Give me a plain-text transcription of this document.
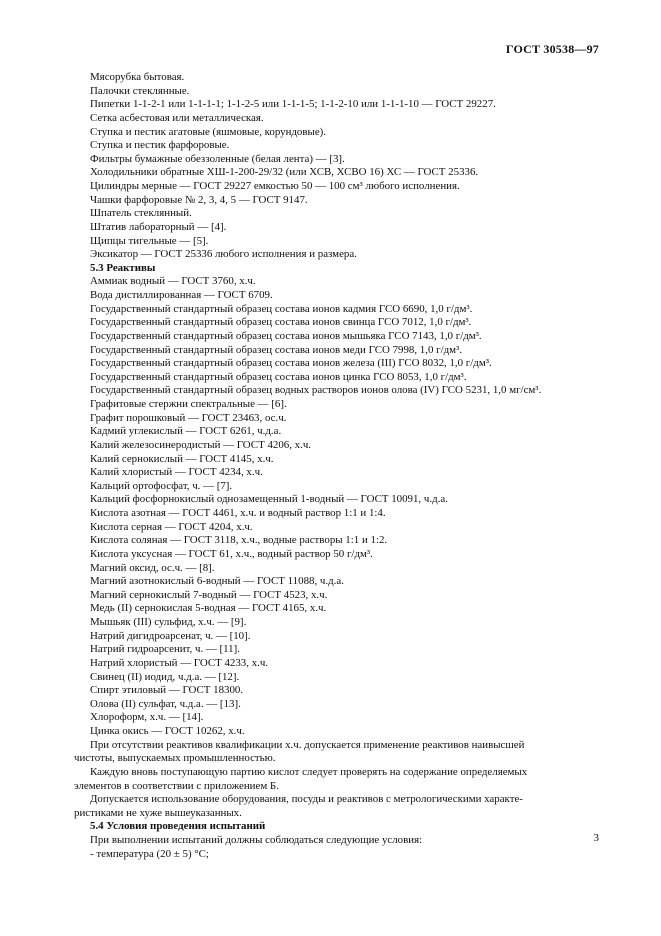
ГОСТ 30538—97
Мясорубка бытовая.
Палочки стеклянные.
Пипетки 1-1-2-1 или 1-1-1-1; 1-1-2-5 или 1-1-1-5; 1-1-2-10 или 1-1-1-10 — ГОСТ 29227.
Сетка асбестовая или металлическая.
Ступка и пестик агатовые (яшмовые, корундовые).
Ступка и пестик фарфоровые.
Фильтры бумажные обеззоленные (белая лента) — [3].
Холодильники обратные ХШ-1-200-29/32 (или ХСВ, ХСВО 16) ХС — ГОСТ 25336.
Цилиндры мерные — ГОСТ 29227 емкостью 50 — 100 см³ любого исполнения.
Чашки фарфоровые № 2, 3, 4, 5 — ГОСТ 9147.
Шпатель стеклянный.
Штатив лабораторный — [4].
Щипцы тигельные — [5].
Эксикатор — ГОСТ 25336 любого исполнения и размера.
5.3 Реактивы
Аммиак водный — ГОСТ 3760, х.ч.
Вода дистиллированная — ГОСТ 6709.
Государственный стандартный образец состава ионов кадмия ГСО 6690, 1,0 г/дм³.
Государственный стандартный образец состава ионов свинца ГСО 7012, 1,0 г/дм³.
Государственный стандартный образец состава ионов мышьяка ГСО 7143, 1,0 г/дм³.
Государственный стандартный образец состава ионов меди ГСО 7998, 1,0 г/дм³.
Государственный стандартный образец состава ионов железа (III) ГСО 8032, 1,0 г/дм³.
Государственный стандартный образец состава ионов цинка ГСО 8053, 1,0 г/дм³.
Государственный стандартный образец водных растворов ионов олова (IV) ГСО 5231, 1,0 мг/см³.
Графитовые стержни спектральные — [6].
Графит порошковый — ГОСТ 23463, ос.ч.
Кадмий углекислый — ГОСТ 6261, ч.д.а.
Калий железосинеродистый — ГОСТ 4206, х.ч.
Калий сернокислый — ГОСТ 4145, х.ч.
Калий хлористый — ГОСТ 4234, х.ч.
Кальций ортофосфат, ч. — [7].
Кальций фосфорнокислый однозамещенный 1-водный — ГОСТ 10091, ч.д.а.
Кислота азотная — ГОСТ 4461, х.ч. и водный раствор 1:1 и 1:4.
Кислота серная — ГОСТ 4204, х.ч.
Кислота соляная — ГОСТ 3118, х.ч., водные растворы 1:1 и 1:2.
Кислота уксусная — ГОСТ 61, х.ч., водный раствор 50 г/дм³.
Магний оксид, ос.ч. — [8].
Магний азотнокислый 6-водный — ГОСТ 11088, ч.д.а.
Магний сернокислый 7-водный — ГОСТ 4523, х.ч.
Медь (II) сернокислая 5-водная — ГОСТ 4165, х.ч.
Мышьяк (III) сульфид, х.ч. — [9].
Натрий дигидроарсенат, ч. — [10].
Натрий гидроарсенит, ч. — [11].
Натрий хлористый — ГОСТ 4233, х.ч.
Свинец (II) иодид, ч.д.а. — [12].
Спирт этиловый — ГОСТ 18300.
Олова (II) сульфат, ч.д.а. — [13].
Хлороформ, х.ч. — [14].
Цинка окись — ГОСТ 10262, х.ч.
При отсутствии реактивов квалификации х.ч. допускается применение реактивов наивысшей
чистоты, выпускаемых промышленностью.
Каждую вновь поступающую партию кислот следует проверять на содержание определяемых
элементов в соответствии с приложением Б.
Допускается использование оборудования, посуды и реактивов с метрологическими характе-
ристиками не хуже вышеуказанных.
5.4 Условия проведения испытаний
При выполнении испытаний должны соблюдаться следующие условия:
- температура (20 ± 5) °С;
3
